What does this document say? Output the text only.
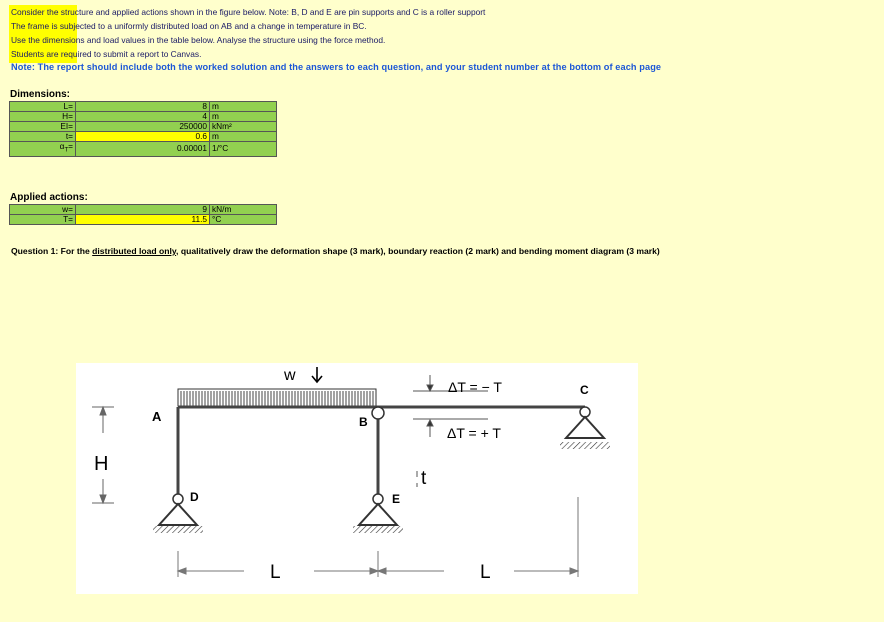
Consider the structure and applied actions shown in the figure below. Note: B, D and E are pin supports and C is a roller support
The frame is subjected to a uniformly distributed load on AB and a change in temperature in BC.
Use the dimensions and load values in the table below. Analyse the structure using the force method.
Students are required to submit a report to Canvas.
Note: The report should include both the worked solution and the answers to each question, and your student number at the bottom of each page
Dimensions:
L=	8	m
H=	4	m
EI=	250000	kNm²
t=	0.6	m
$\alpha_T=$	0.00001	1/°C
Applied actions:
w=	9	kN/m
T=	11.5	°C
Question 1: For the distributed load only, qualitatively draw the deformation shape (3 mark), boundary reaction (2 mark) and bending moment diagram (3 mark)
w
A	B
C
D	E
H
t
L	L
ΔT = − T
ΔT = + T
